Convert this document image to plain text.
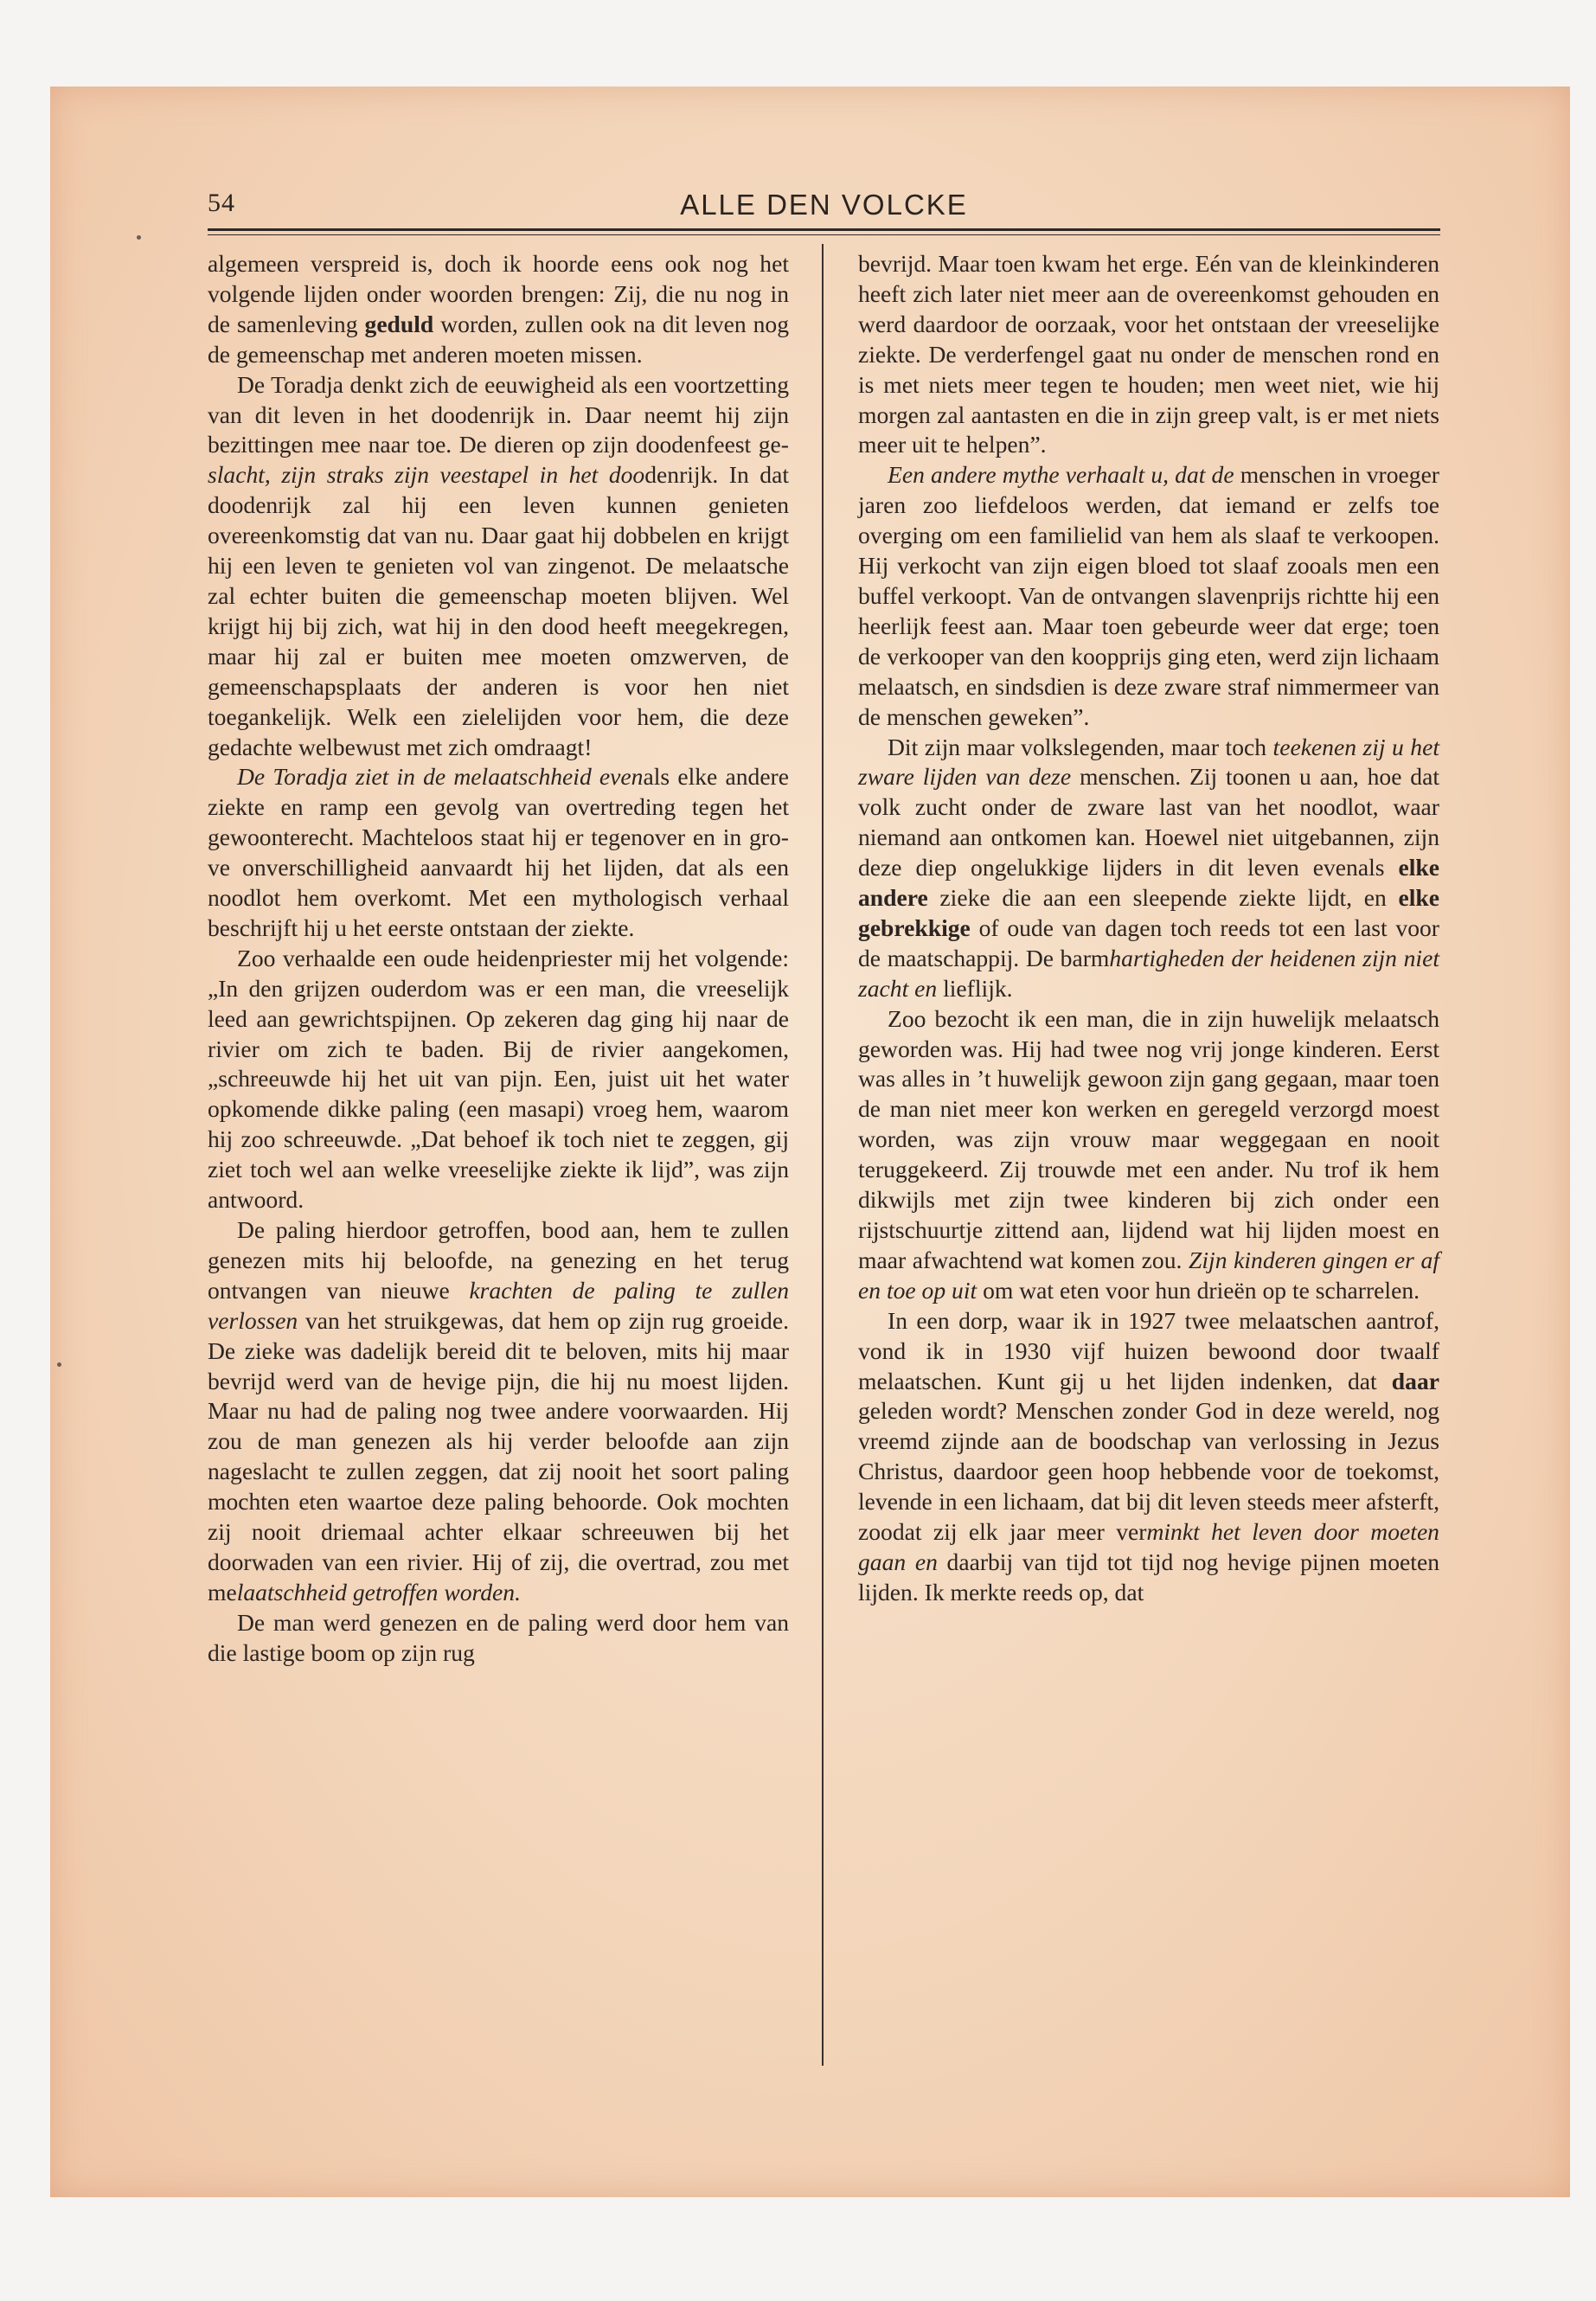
54	ALLE DEN VOLCKE

algemeen verspreid is, doch ik hoorde eens ook nog het volgende lijden onder woorden brengen: Zij, die nu nog in de samenleving geduld worden, zullen ook na dit leven nog de gemeenschap met anderen moeten missen.

De Toradja denkt zich de eeuwigheid als een voortzetting van dit leven in het doodenrijk in. Daar neemt hij zijn bezittingen mee naar toe. De dieren op zijn doodenfeest geslacht, zijn straks zijn veestapel in het doodenrijk. In dat doodenrijk zal hij een leven kunnen genieten overeenkomstig dat van nu. Daar gaat hij dobbelen en krijgt hij een leven te genieten vol van zingenot. De melaatsche zal echter buiten die gemeenschap moeten blijven. Wel krijgt hij bij zich, wat hij in den dood heeft meegekregen, maar hij zal er buiten mee moeten omzwerven, de gemeenschapsplaats der anderen is voor hen niet toegankelijk. Welk een zielelijden voor hem, die deze gedachte welbewust met zich omdraagt!

De Toradja ziet in de melaatschheid evenals elke andere ziekte en ramp een gevolg van overtreding tegen het gewoonterecht. Machteloos staat hij er tegenover en in grove onverschilligheid aanvaardt hij het lijden, dat als een noodlot hem overkomt. Met een mythologisch verhaal beschrijft hij u het eerste ontstaan der ziekte.

Zoo verhaalde een oude heidenpriester mij het volgende: „In den grijzen ouderdom was er een man, die vreeselijk leed aan gewrichtspijnen. Op zekeren dag ging hij naar de rivier om zich te baden. Bij de rivier aangekomen, „schreeuwde hij het uit van pijn. Een, juist uit het water opkomende dikke paling (een masapi) vroeg hem, waarom hij zoo schreeuwde. „Dat behoef ik toch niet te zeggen, gij ziet toch wel aan welke vreeselijke ziekte ik lijd”, was zijn antwoord.

De paling hierdoor getroffen, bood aan, hem te zullen genezen mits hij beloofde, na genezing en het terug ontvangen van nieuwe krachten de paling te zullen verlossen van het struikgewas, dat hem op zijn rug groeide. De zieke was dadelijk bereid dit te beloven, mits hij maar bevrijd werd van de hevige pijn, die hij nu moest lijden. Maar nu had de paling nog twee andere voorwaarden. Hij zou de man genezen als hij verder beloofde aan zijn nageslacht te zullen zeggen, dat zij nooit het soort paling mochten eten waartoe deze paling behoorde. Ook mochten zij nooit driemaal achter elkaar schreeuwen bij het doorwaden van een rivier. Hij of zij, die overtrad, zou met melaatschheid getroffen worden.

De man werd genezen en de paling werd door hem van die lastige boom op zijn rug

bevrijd. Maar toen kwam het erge. Eén van de kleinkinderen heeft zich later niet meer aan de overeenkomst gehouden en werd daardoor de oorzaak, voor het ontstaan der vreeselijke ziekte. De verderfengel gaat nu onder de menschen rond en is met niets meer tegen te houden; men weet niet, wie hij morgen zal aantasten en die in zijn greep valt, is er met niets meer uit te helpen”.

Een andere mythe verhaalt u, dat de menschen in vroeger jaren zoo liefdeloos werden, dat iemand er zelfs toe overging om een familielid van hem als slaaf te verkoopen. Hij verkocht van zijn eigen bloed tot slaaf zooals men een buffel verkoopt. Van de ontvangen slavenprijs richtte hij een heerlijk feest aan. Maar toen gebeurde weer dat erge; toen de verkooper van den koopprijs ging eten, werd zijn lichaam melaatsch, en sindsdien is deze zware straf nimmermeer van de menschen geweken”.

Dit zijn maar volkslegenden, maar toch teekenen zij u het zware lijden van deze menschen. Zij toonen u aan, hoe dat volk zucht onder de zware last van het noodlot, waar niemand aan ontkomen kan. Hoewel niet uitgebannen, zijn deze diep ongelukkige lijders in dit leven evenals elke andere zieke die aan een sleepende ziekte lijdt, en elke gebrekkige of oude van dagen toch reeds tot een last voor de maatschappij. De barmhartigheden der heidenen zijn niet zacht en lieflijk.

Zoo bezocht ik een man, die in zijn huwelijk melaatsch geworden was. Hij had twee nog vrij jonge kinderen. Eerst was alles in ’t huwelijk gewoon zijn gang gegaan, maar toen de man niet meer kon werken en geregeld verzorgd moest worden, was zijn vrouw maar weggegaan en nooit teruggekeerd. Zij trouwde met een ander. Nu trof ik hem dikwijls met zijn twee kinderen bij zich onder een rijstschuurtje zittend aan, lijdend wat hij lijden moest en maar afwachtend wat komen zou. Zijn kinderen gingen er af en toe op uit om wat eten voor hun drieën op te scharrelen.

In een dorp, waar ik in 1927 twee melaatschen aantrof, vond ik in 1930 vijf huizen bewoond door twaalf melaatschen. Kunt gij u het lijden indenken, dat daar geleden wordt? Menschen zonder God in deze wereld, nog vreemd zijnde aan de boodschap van verlossing in Jezus Christus, daardoor geen hoop hebbende voor de toekomst, levende in een lichaam, dat bij dit leven steeds meer afsterft, zoodat zij elk jaar meer verminkt het leven door moeten gaan en daarbij van tijd tot tijd nog hevige pijnen moeten lijden. Ik merkte reeds op, dat
